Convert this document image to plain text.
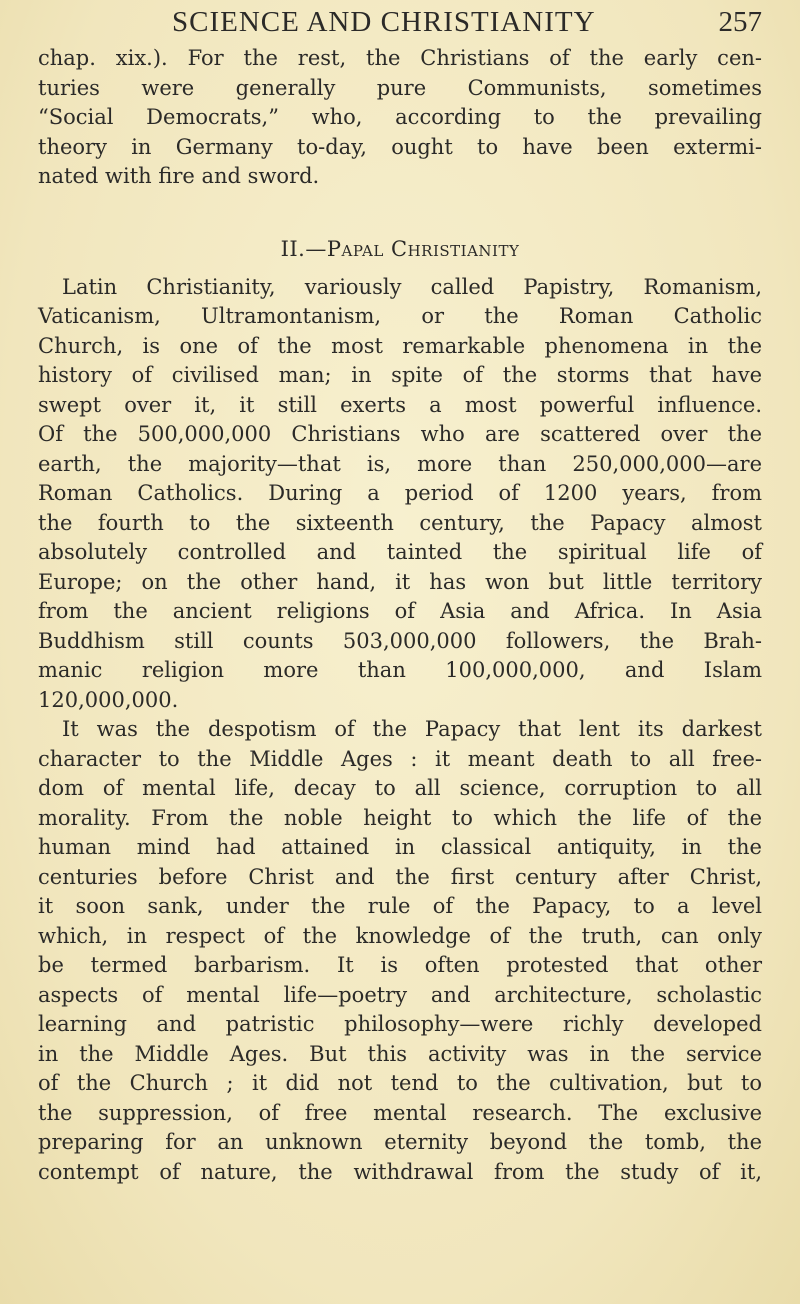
SCIENCE AND CHRISTIANITY	257
chap. xix.). For the rest, the Christians of the early cen-
turies were generally pure Communists, sometimes
“Social Democrats,” who, according to the prevailing
theory in Germany to-day, ought to have been extermi-
nated with fire and sword.
II.—Papal Christianity
Latin Christianity, variously called Papistry, Romanism,
Vaticanism, Ultramontanism, or the Roman Catholic
Church, is one of the most remarkable phenomena in the
history of civilised man; in spite of the storms that have
swept over it, it still exerts a most powerful influence.
Of the 500,000,000 Christians who are scattered over the
earth, the majority—that is, more than 250,000,000—are
Roman Catholics. During a period of 1200 years, from
the fourth to the sixteenth century, the Papacy almost
absolutely controlled and tainted the spiritual life of
Europe; on the other hand, it has won but little territory
from the ancient religions of Asia and Africa. In Asia
Buddhism still counts 503,000,000 followers, the Brah-
manic religion more than 100,000,000, and Islam
120,000,000.
It was the despotism of the Papacy that lent its darkest
character to the Middle Ages : it meant death to all free-
dom of mental life, decay to all science, corruption to all
morality. From the noble height to which the life of the
human mind had attained in classical antiquity, in the
centuries before Christ and the first century after Christ,
it soon sank, under the rule of the Papacy, to a level
which, in respect of the knowledge of the truth, can only
be termed barbarism. It is often protested that other
aspects of mental life—poetry and architecture, scholastic
learning and patristic philosophy—were richly developed
in the Middle Ages. But this activity was in the service
of the Church ; it did not tend to the cultivation, but to
the suppression, of free mental research. The exclusive
preparing for an unknown eternity beyond the tomb, the
contempt of nature, the withdrawal from the study of it,
